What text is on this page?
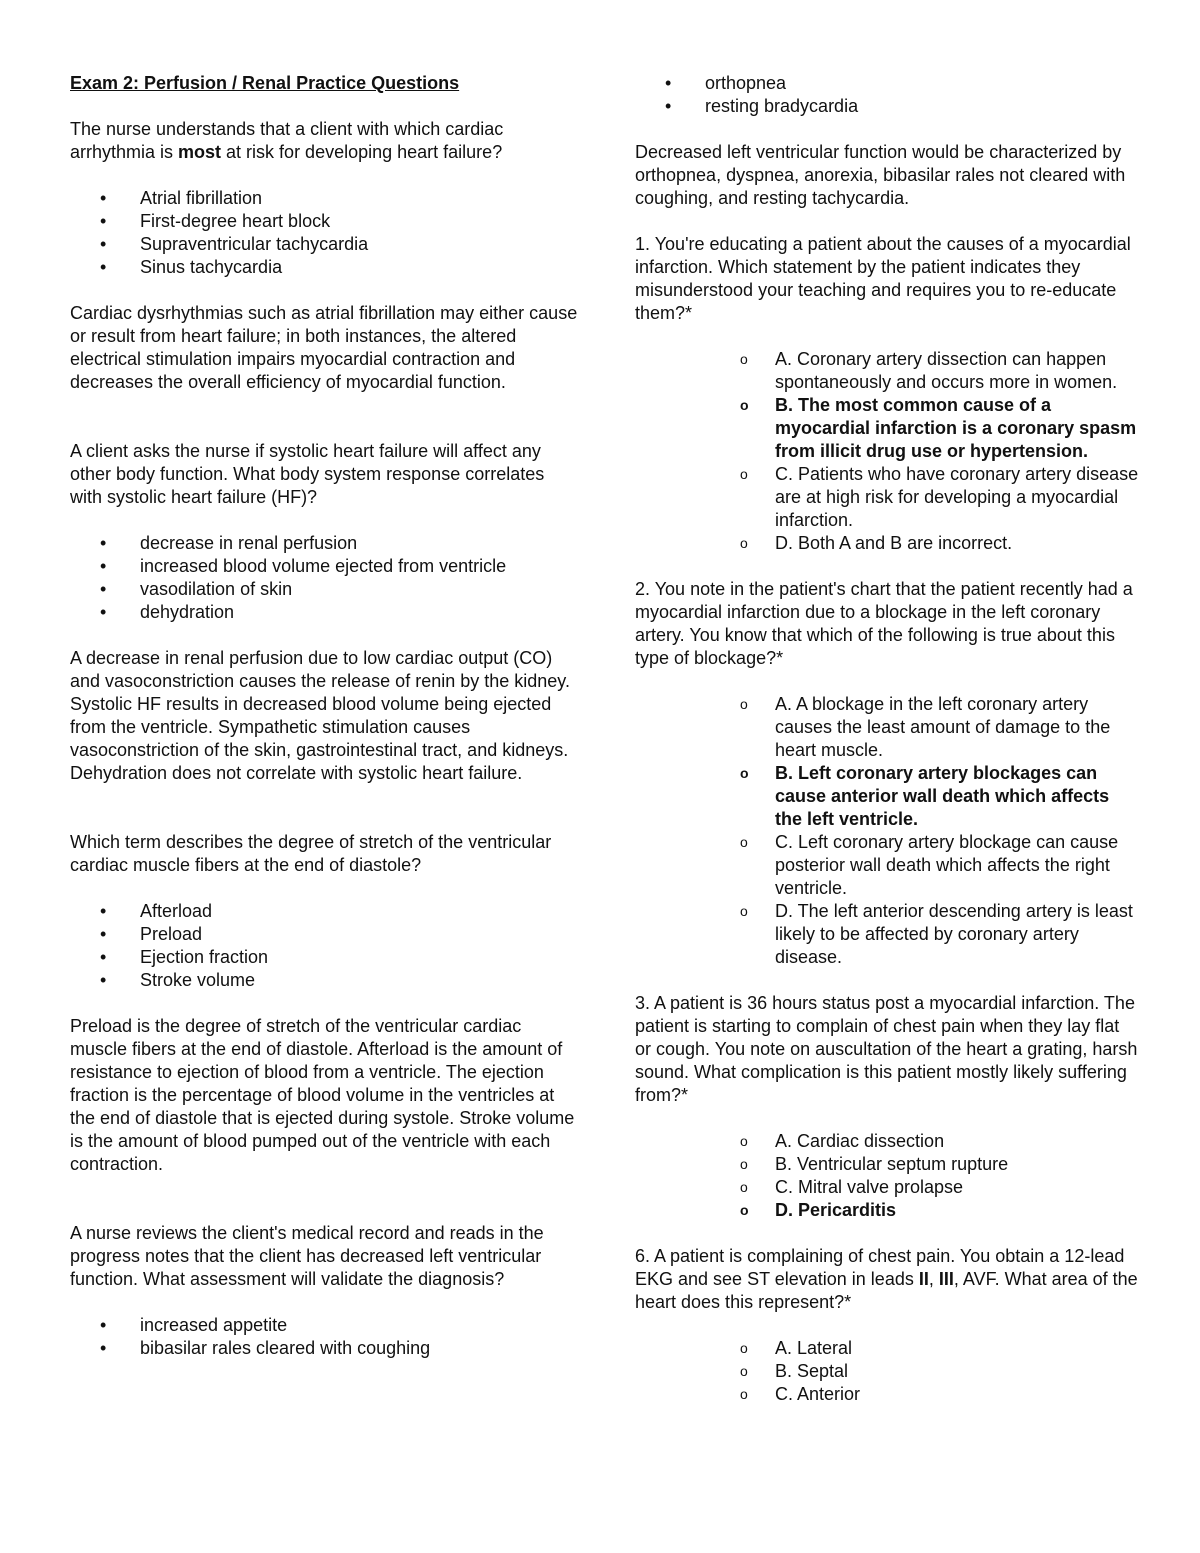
Exam 2: Perfusion / Renal Practice Questions

The nurse understands that a client with which cardiac arrhythmia is most at risk for developing heart failure?

• Atrial fibrillation
• First-degree heart block
• Supraventricular tachycardia
• Sinus tachycardia

Cardiac dysrhythmias such as atrial fibrillation may either cause or result from heart failure; in both instances, the altered electrical stimulation impairs myocardial contraction and decreases the overall efficiency of myocardial function.

A client asks the nurse if systolic heart failure will affect any other body function. What body system response correlates with systolic heart failure (HF)?

• decrease in renal perfusion
• increased blood volume ejected from ventricle
• vasodilation of skin
• dehydration

A decrease in renal perfusion due to low cardiac output (CO) and vasoconstriction causes the release of renin by the kidney. Systolic HF results in decreased blood volume being ejected from the ventricle. Sympathetic stimulation causes vasoconstriction of the skin, gastrointestinal tract, and kidneys. Dehydration does not correlate with systolic heart failure.

Which term describes the degree of stretch of the ventricular cardiac muscle fibers at the end of diastole?

• Afterload
• Preload
• Ejection fraction
• Stroke volume

Preload is the degree of stretch of the ventricular cardiac muscle fibers at the end of diastole. Afterload is the amount of resistance to ejection of blood from a ventricle. The ejection fraction is the percentage of blood volume in the ventricles at the end of diastole that is ejected during systole. Stroke volume is the amount of blood pumped out of the ventricle with each contraction.

A nurse reviews the client's medical record and reads in the progress notes that the client has decreased left ventricular function. What assessment will validate the diagnosis?

• increased appetite
• bibasilar rales cleared with coughing
• orthopnea
• resting bradycardia

Decreased left ventricular function would be characterized by orthopnea, dyspnea, anorexia, bibasilar rales not cleared with coughing, and resting tachycardia.

1. You're educating a patient about the causes of a myocardial infarction. Which statement by the patient indicates they misunderstood your teaching and requires you to re-educate them?*

o A. Coronary artery dissection can happen spontaneously and occurs more in women.
o B. The most common cause of a myocardial infarction is a coronary spasm from illicit drug use or hypertension.
o C. Patients who have coronary artery disease are at high risk for developing a myocardial infarction.
o D. Both A and B are incorrect.

2. You note in the patient's chart that the patient recently had a myocardial infarction due to a blockage in the left coronary artery. You know that which of the following is true about this type of blockage?*

o A. A blockage in the left coronary artery causes the least amount of damage to the heart muscle.
o B. Left coronary artery blockages can cause anterior wall death which affects the left ventricle.
o C. Left coronary artery blockage can cause posterior wall death which affects the right ventricle.
o D. The left anterior descending artery is least likely to be affected by coronary artery disease.

3. A patient is 36 hours status post a myocardial infarction. The patient is starting to complain of chest pain when they lay flat or cough. You note on auscultation of the heart a grating, harsh sound. What complication is this patient mostly likely suffering from?*

o A. Cardiac dissection
o B. Ventricular septum rupture
o C. Mitral valve prolapse
o D. Pericarditis

6. A patient is complaining of chest pain. You obtain a 12-lead EKG and see ST elevation in leads II, III, AVF. What area of the heart does this represent?*

o A. Lateral
o B. Septal
o C. Anterior
